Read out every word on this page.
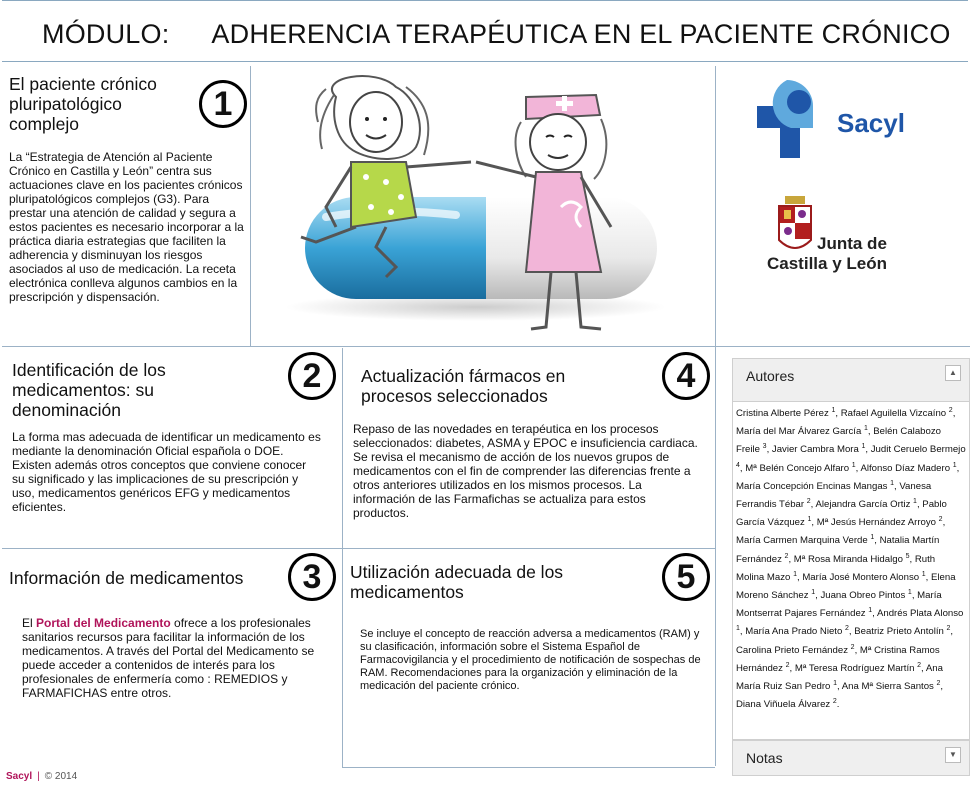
MÓDULO: ADHERENCIA TERAPÉUTICA EN EL PACIENTE CRÓNICO
El paciente crónico pluripatológico complejo
1
La “Estrategia de Atención al Paciente Crónico en Castilla y León” centra sus actuaciones clave en los pacientes crónicos pluripatológicos complejos (G3). Para prestar una atención de calidad y segura a estos pacientes es necesario incorporar a la práctica diaria estrategias que faciliten la adherencia y disminuyan los riesgos asociados al uso de medicación. La receta electrónica conlleva algunos cambios en la prescripción y dispensación.
Sacyl
Junta de
Castilla y León
Identificación de los medicamentos: su denominación
2
La forma mas adecuada de identificar un medicamento es mediante la denominación Oficial española o DOE. Existen además otros conceptos que conviene conocer su significado y las implicaciones de su prescripción y uso, medicamentos genéricos EFG y medicamentos eficientes.
Actualización fármacos en procesos seleccionados
4
Repaso de las novedades en terapéutica en los procesos seleccionados: diabetes, ASMA y EPOC e insuficiencia cardiaca. Se revisa el mecanismo de acción de los nuevos grupos de medicamentos con el fin de comprender las diferencias frente a otros anteriores utilizados en los mismos procesos. La información de las Farmafichas se actualiza para estos productos.
Información de medicamentos	3
El Portal del Medicamento ofrece a los profesionales sanitarios recursos para facilitar la información de los medicamentos. A través del Portal del Medicamento se puede acceder a contenidos de interés para los profesionales de enfermería como : REMEDIOS y FARMAFICHAS entre otros.
Utilización adecuada de los medicamentos	5
Se incluye el concepto de reacción adversa a medicamentos (RAM) y su clasificación, información sobre el Sistema Español de Farmacovigilancia y el procedimiento de notificación de sospechas de RAM. Recomendaciones para la organización y eliminación de la medicación del paciente crónico.
Autores	▲
Cristina Alberte Pérez $^1$, Rafael Aguilella Vizcaíno $^2$, María del Mar Álvarez García $^1$, Belén Calabozo Freile $^3$, Javier Cambra Mora $^1$, Judit Ceruelo Bermejo $^4$, Mª Belén Concejo Alfaro $^1$, Alfonso Díaz Madero $^1$, María Concepción Encinas Mangas $^1$, Vanesa Ferrandis Tébar $^2$, Alejandra García Ortiz $^1$, Pablo García Vázquez $^1$, Mª Jesús Hernández Arroyo $^2$, María Carmen Marquina Verde $^1$, Natalia Martín Fernández $^2$, Mª Rosa Miranda Hidalgo $^5$, Ruth Molina Mazo $^1$, María José Montero Alonso $^1$, Elena Moreno Sánchez $^1$, Juana Obreo Pintos $^1$, María Montserrat Pajares Fernández $^1$, Andrés Plata Alonso $^1$, María Ana Prado Nieto $^2$, Beatriz Prieto Antolín $^2$, Carolina Prieto Fernández $^2$, Mª Cristina Ramos Hernández $^2$, Mª Teresa Rodríguez Martín $^2$, Ana María Ruiz San Pedro $^1$, Ana Mª Sierra Santos $^2$, Diana Viñuela Álvarez $^2$.
Notas	▼
Sacyl | © 2014
